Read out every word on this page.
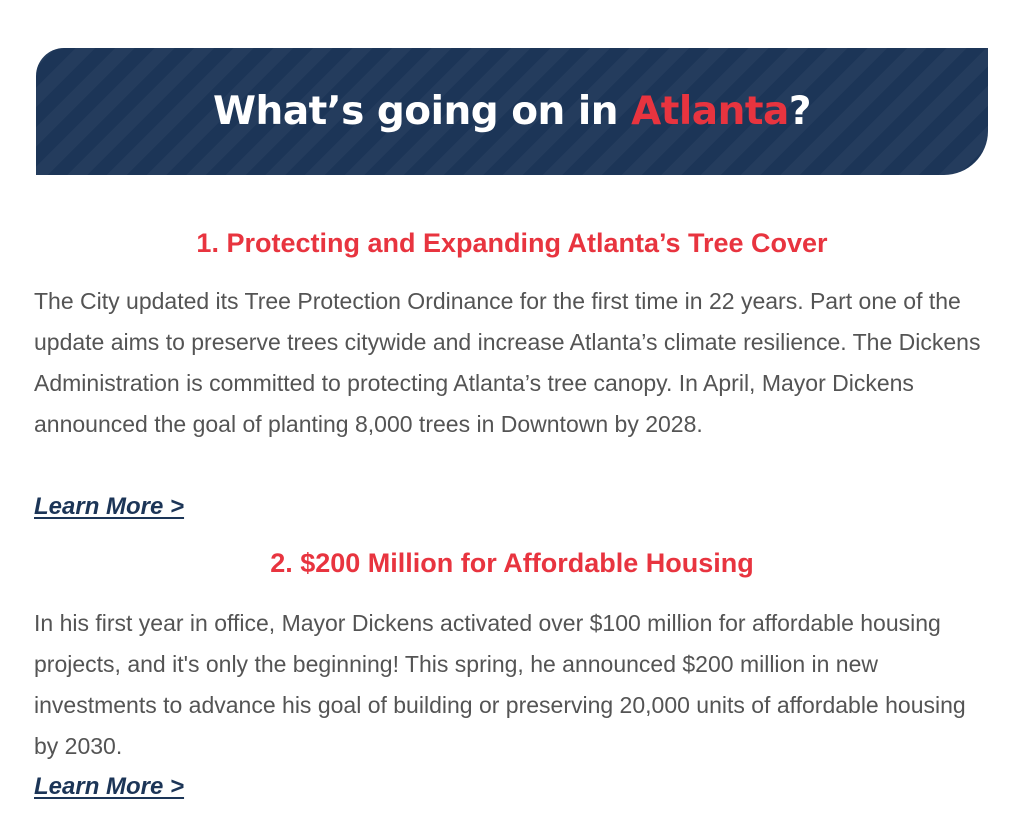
What’s going on in Atlanta?
1. Protecting and Expanding Atlanta’s Tree Cover

The City updated its Tree Protection Ordinance for the first time in 22 years. Part one of the update aims to preserve trees citywide and increase Atlanta’s climate resilience. The Dickens Administration is committed to protecting Atlanta’s tree canopy. In April, Mayor Dickens announced the goal of planting 8,000 trees in Downtown by 2028.

Learn More >
2. $200 Million for Affordable Housing

In his first year in office, Mayor Dickens activated over $100 million for affordable housing projects, and it's only the beginning! This spring, he announced $200 million in new investments to advance his goal of building or preserving 20,000 units of affordable housing by 2030.

Learn More >
